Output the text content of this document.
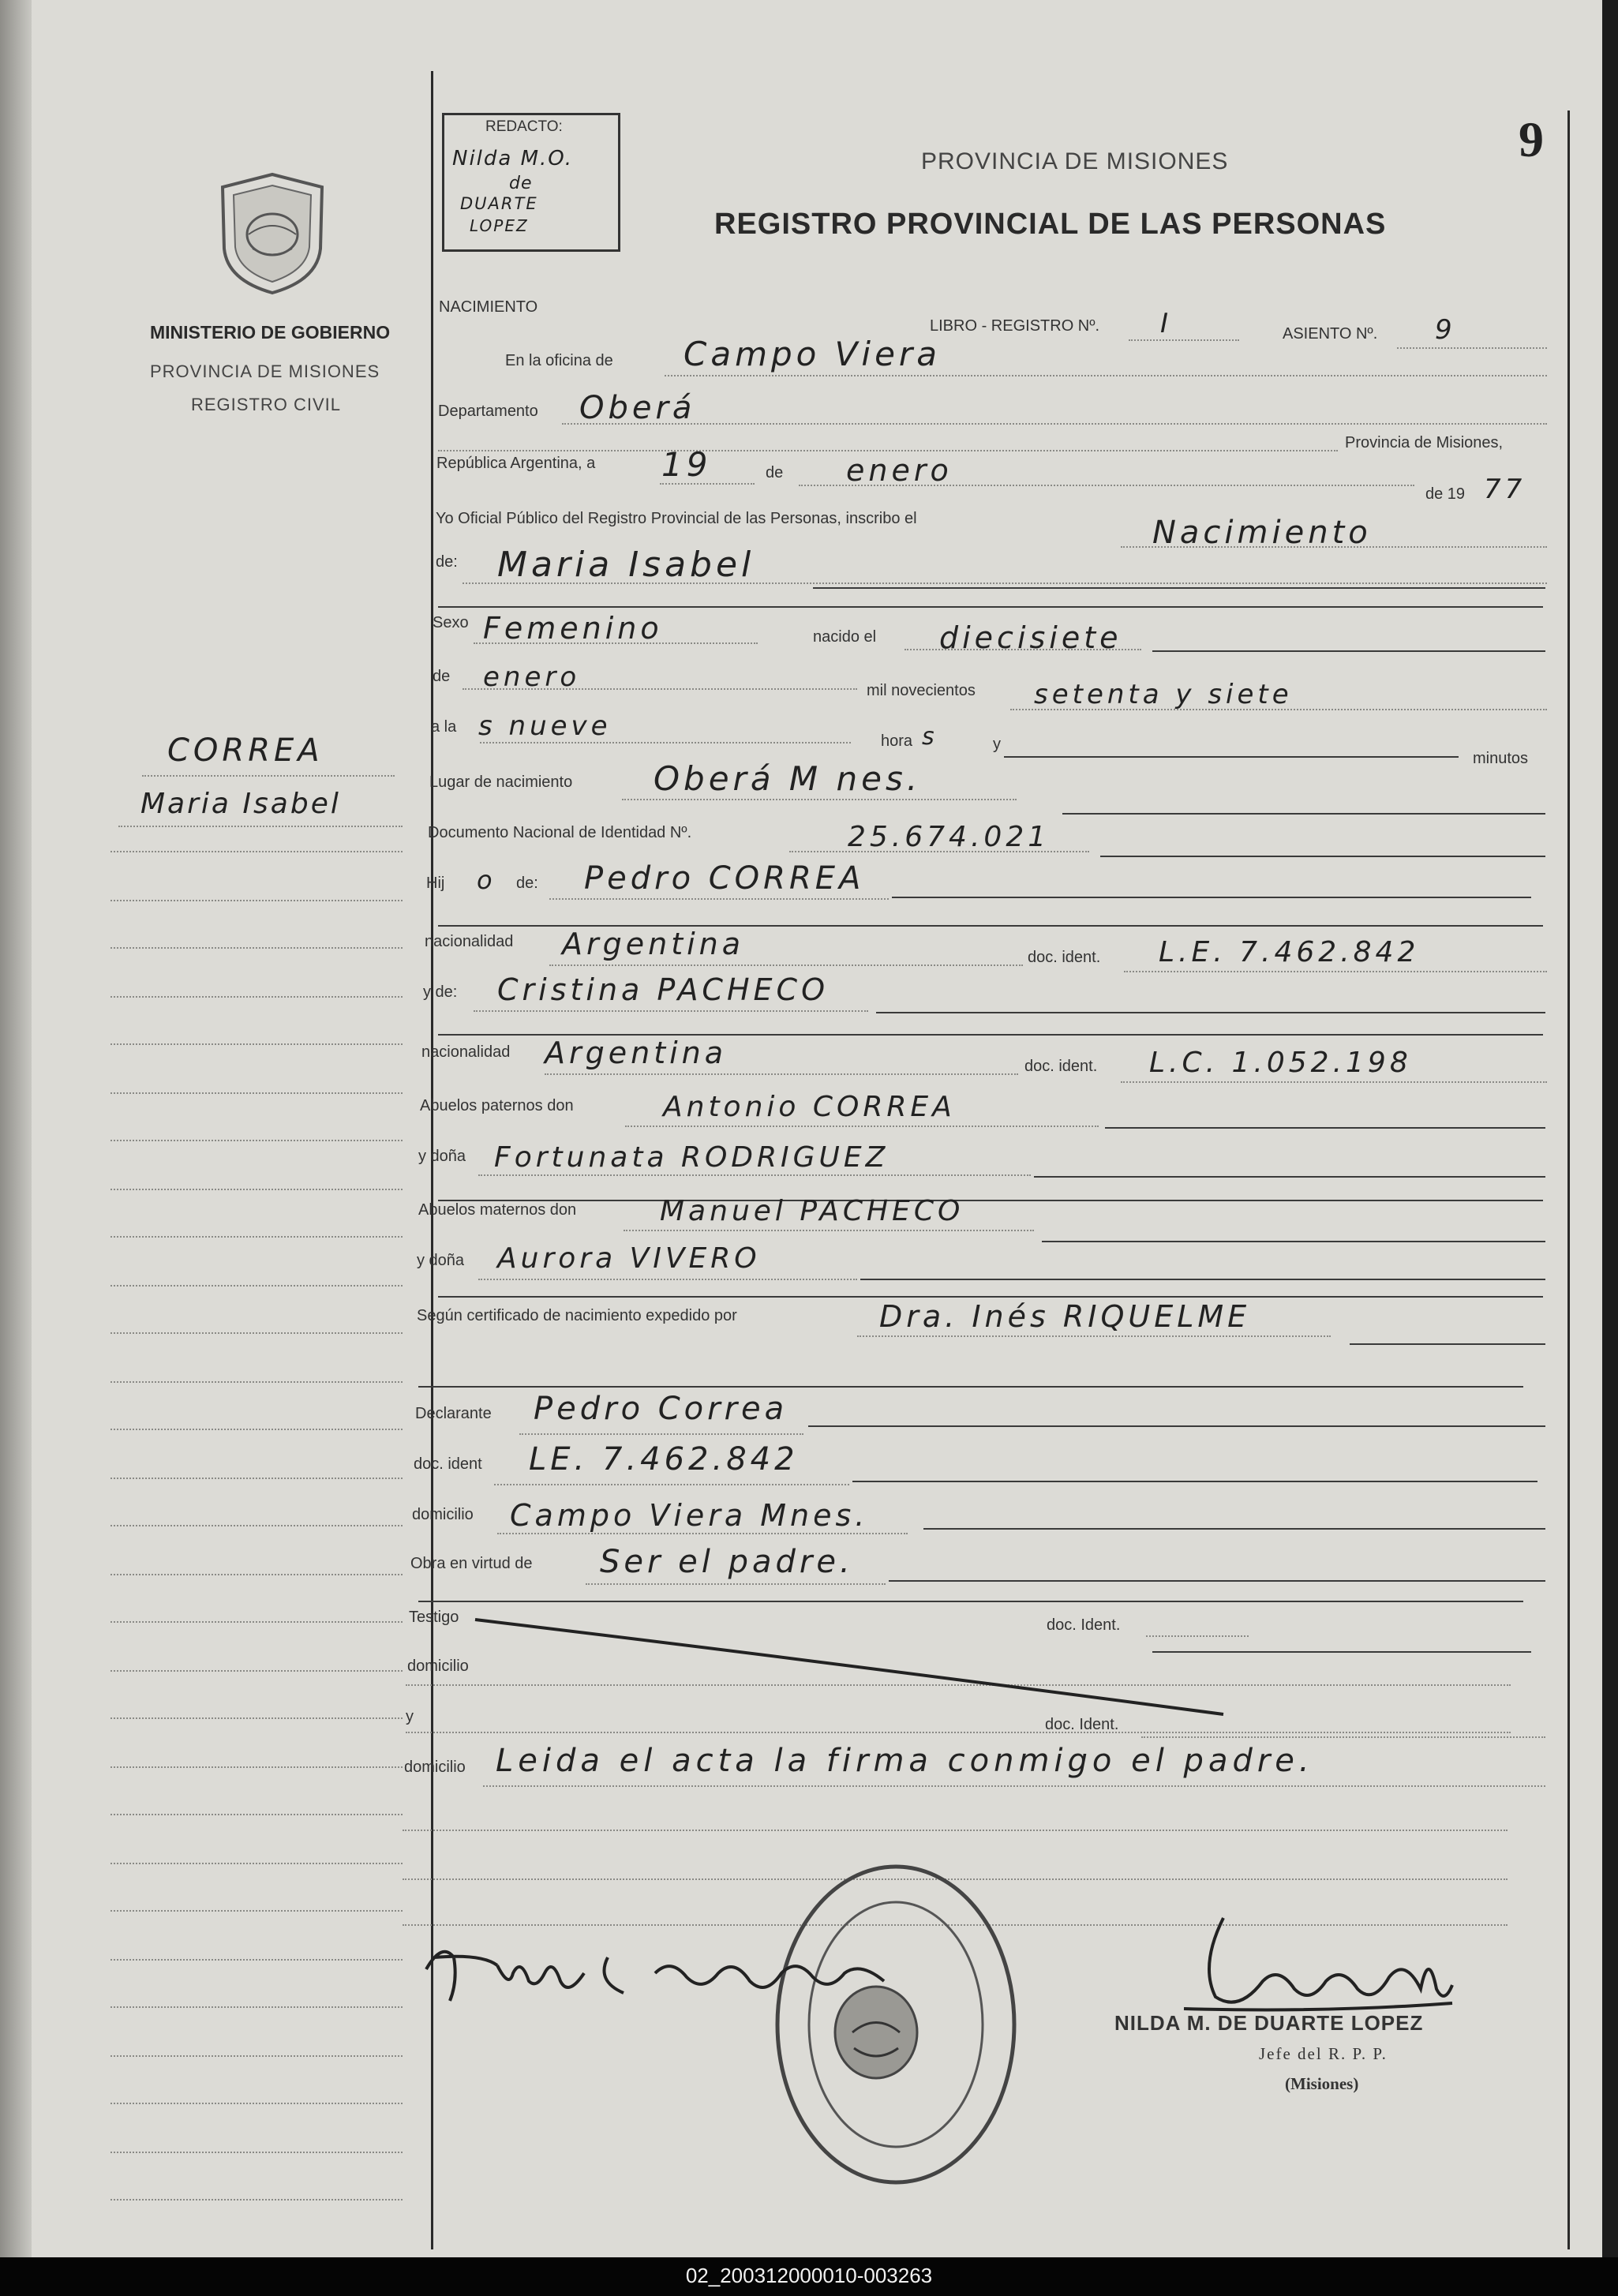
MINISTERIO DE GOBIERNO
PROVINCIA DE MISIONES
REGISTRO CIVIL
CORREA
Maria Isabel
REDACTO:
Nilda M.O.
de
DUARTE
LOPEZ
9
PROVINCIA DE MISIONES
REGISTRO PROVINCIAL DE LAS PERSONAS
NACIMIENTO
LIBRO - REGISTRO Nº. I	ASIENTO Nº. 9
En la oficina de Campo Viera
Departamento Oberá
Provincia de Misiones,
República Argentina, a 19	de enero
de 19 77
Yo Oficial Público del Registro Provincial de las Personas, inscribo el	Nacimiento
de: Maria Isabel
Sexo Femenino	nacido el diecisiete
de enero	mil novecientos setenta y siete
a la s nueve	hora s	y
minutos
Lugar de nacimiento Oberá M nes.
Documento Nacional de Identidad Nº.	25.674.021
Hij o de: Pedro CORREA
nacionalidad Argentina	doc. ident. L.E. 7.462.842
y de: Cristina PACHECO
nacionalidad Argentina	doc. ident. L.C. 1.052.198
Abuelos paternos don	Antonio CORREA
y doña Fortunata RODRIGUEZ
Abuelos maternos don	Manuel PACHECO
y doña Aurora VIVERO
Según certificado de nacimiento expedido por	Dra. Inés RIQUELME
Declarante Pedro Correa
doc. ident LE. 7.462.842
domicilio Campo Viera Mnes.
Obra en virtud de Ser el padre.
Testigo	doc. Ident.
domicilio
y	doc. Ident.
domicilio Leida el acta la firma conmigo el padre.
NILDA M. DE DUARTE LOPEZ
Jefe del R. P. P.
(Misiones)
02_200312000010-003263
